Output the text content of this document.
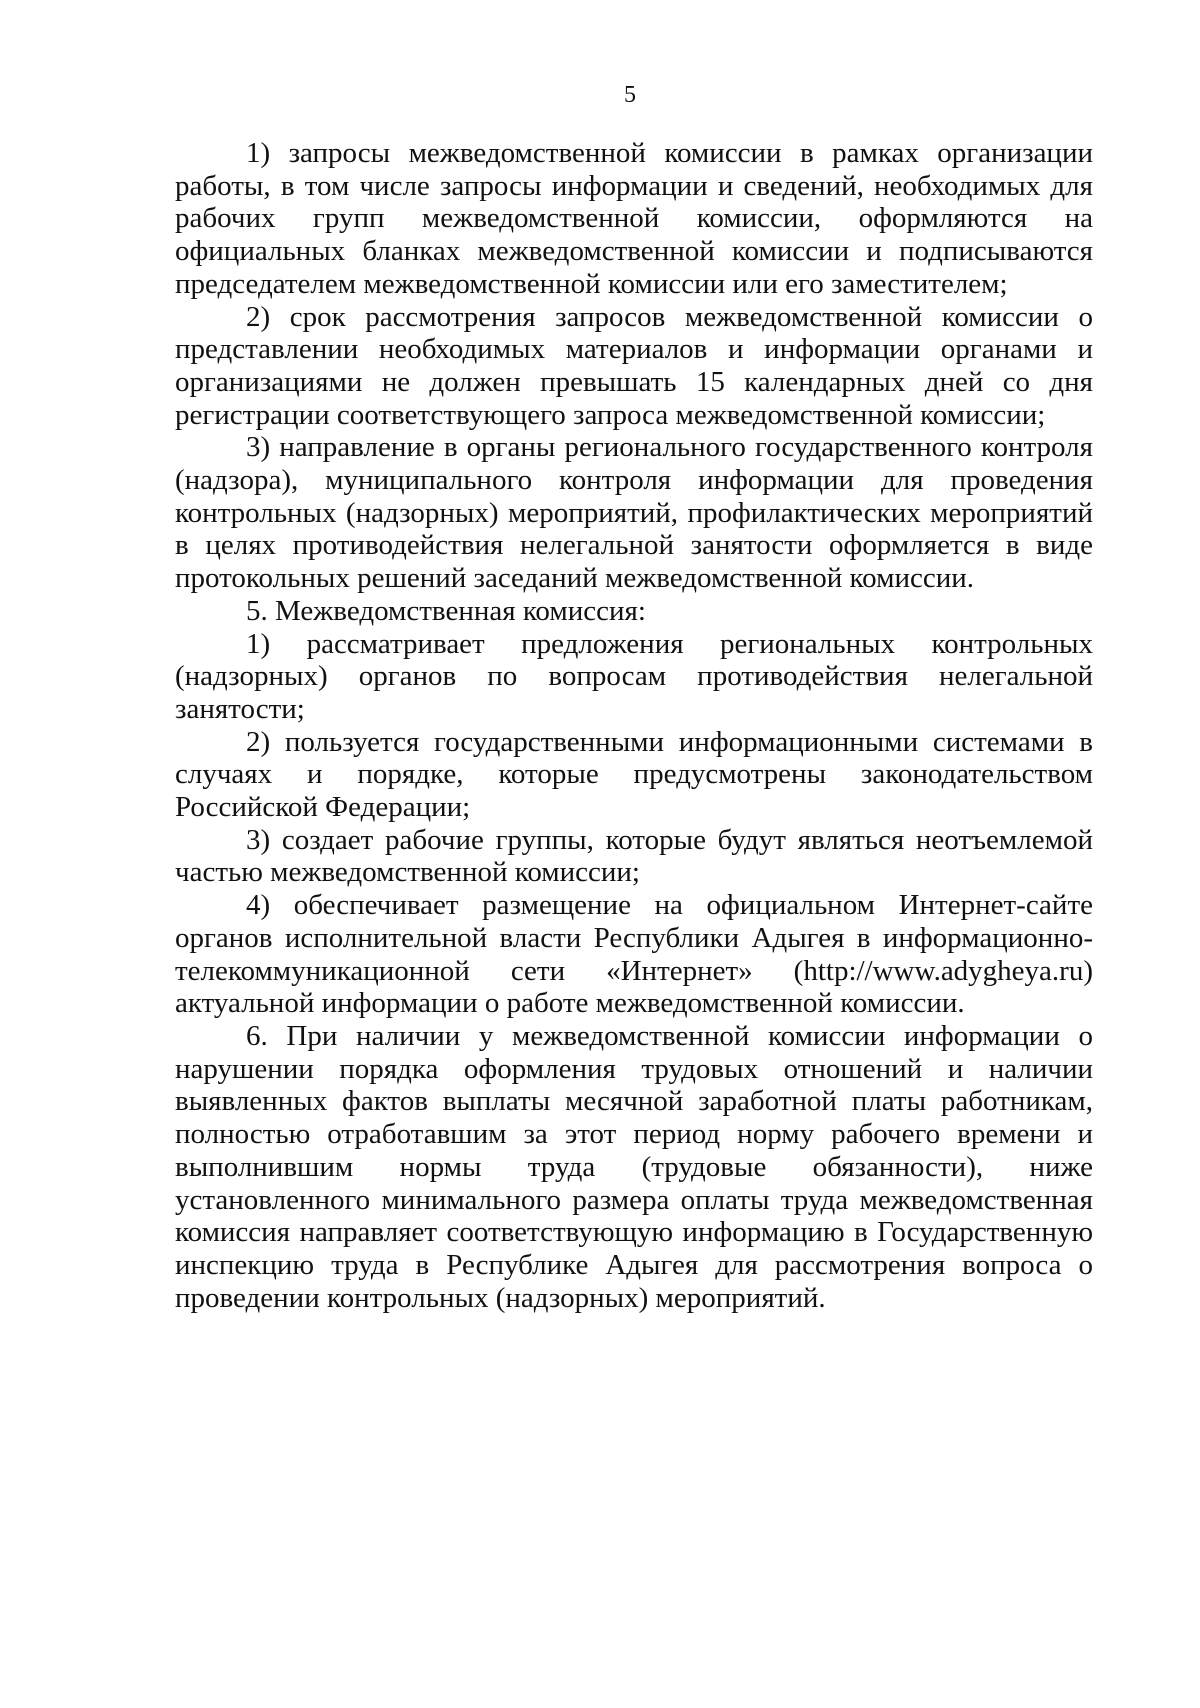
5

1) запросы межведомственной комиссии в рамках организации работы, в том числе запросы информации и сведений, необходимых для рабочих групп межведомственной комиссии, оформляются на официальных бланках межведомственной комиссии и подписываются председателем межведомственной комиссии или его заместителем;

2) срок рассмотрения запросов межведомственной комиссии о представлении необходимых материалов и информации органами и организациями не должен превышать 15 календарных дней со дня регистрации соответствующего запроса межведомственной комиссии;

3) направление в органы регионального государственного контроля (надзора), муниципального контроля информации для проведения контрольных (надзорных) мероприятий, профилактических мероприятий в целях противодействия нелегальной занятости оформляется в виде протокольных решений заседаний межведомственной комиссии.

5. Межведомственная комиссия:

1) рассматривает предложения региональных контрольных (надзорных) органов по вопросам противодействия нелегальной занятости;

2) пользуется государственными информационными системами в случаях и порядке, которые предусмотрены законодательством Российской Федерации;

3) создает рабочие группы, которые будут являться неотъемлемой частью межведомственной комиссии;

4) обеспечивает размещение на официальном Интернет-сайте органов исполнительной власти Республики Адыгея в информационно-телекоммуникационной сети «Интернет» (http://www.adygheya.ru) актуальной информации о работе межведомственной комиссии.

6. При наличии у межведомственной комиссии информации о нарушении порядка оформления трудовых отношений и наличии выявленных фактов выплаты месячной заработной платы работникам, полностью отработавшим за этот период норму рабочего времени и выполнившим нормы труда (трудовые обязанности), ниже установленного минимального размера оплаты труда межведомственная комиссия направляет соответствующую информацию в Государственную инспекцию труда в Республике Адыгея для рассмотрения вопроса о проведении контрольных (надзорных) мероприятий.
